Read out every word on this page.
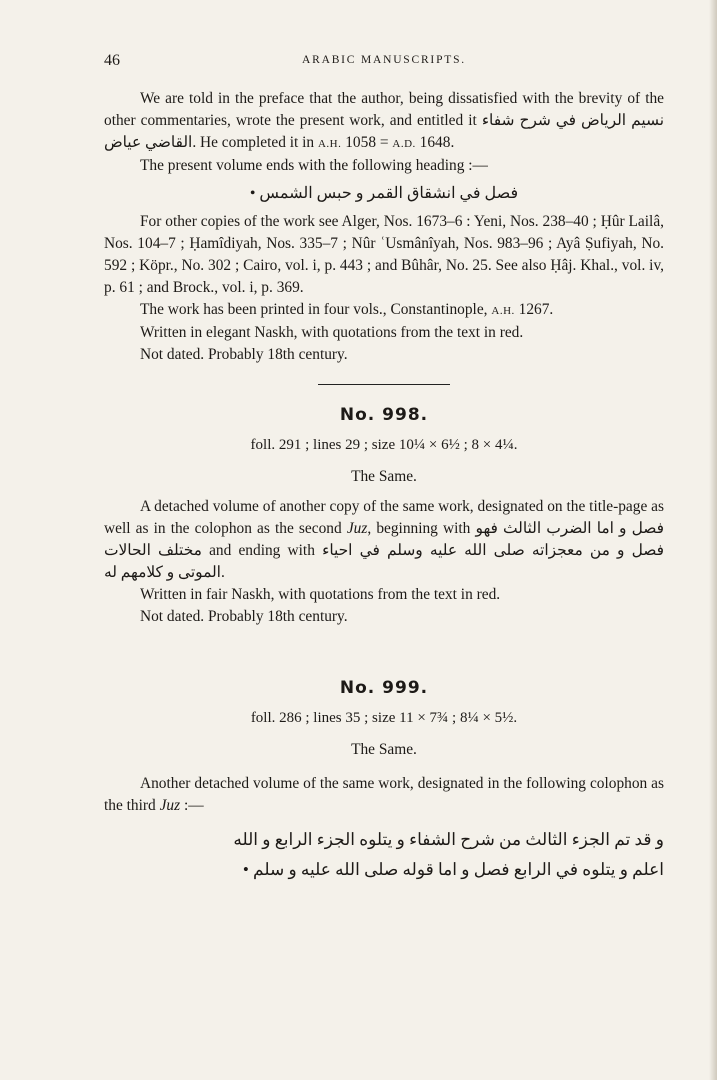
46	ARABIC MANUSCRIPTS.

We are told in the preface that the author, being dissatisfied with the brevity of the other commentaries, wrote the present work, and entitled it نسيم الرياض في شرح شفاء القاضي عياض. He completed it in A.H. 1058 = A.D. 1648.

The present volume ends with the following heading :—

فصل في انشقاق القمر و حبس الشمس •

For other copies of the work see Alger, Nos. 1673–6 : Yeni, Nos. 238–40 ; Ḥûr Lailâ, Nos. 104–7 ; Ḥamîdiyah, Nos. 335–7 ; Nûr ʿUsmânîyah, Nos. 983–96 ; Ayâ Ṣufiyah, No. 592 ; Köpr., No. 302 ; Cairo, vol. i, p. 443 ; and Bûhâr, No. 25. See also Ḥâj. Khal., vol. iv, p. 61 ; and Brock., vol. i, p. 369.

The work has been printed in four vols., Constantinople, A.H. 1267.

Written in elegant Naskh, with quotations from the text in red.

Not dated. Probably 18th century.

No. 998.
foll. 291 ; lines 29 ; size 10¼ × 6½ ; 8 × 4¼.
The Same.

A detached volume of another copy of the same work, designated on the title-page as well as in the colophon as the second Juz, beginning with فصل و اما الضرب الثالث فهو مختلف الحالات and ending with فصل و من معجزاته صلى الله عليه وسلم في احياء الموتى و كلامهم له.

Written in fair Naskh, with quotations from the text in red.

Not dated. Probably 18th century.

No. 999.
foll. 286 ; lines 35 ; size 11 × 7¾ ; 8¼ × 5½.
The Same.

Another detached volume of the same work, designated in the following colophon as the third Juz :—

و قد تم الجزء الثالث من شرح الشفاء و يتلوه الجزء الرابع و الله

اعلم و يتلوه في الرابع فصل و اما قوله صلى الله عليه و سلم •
